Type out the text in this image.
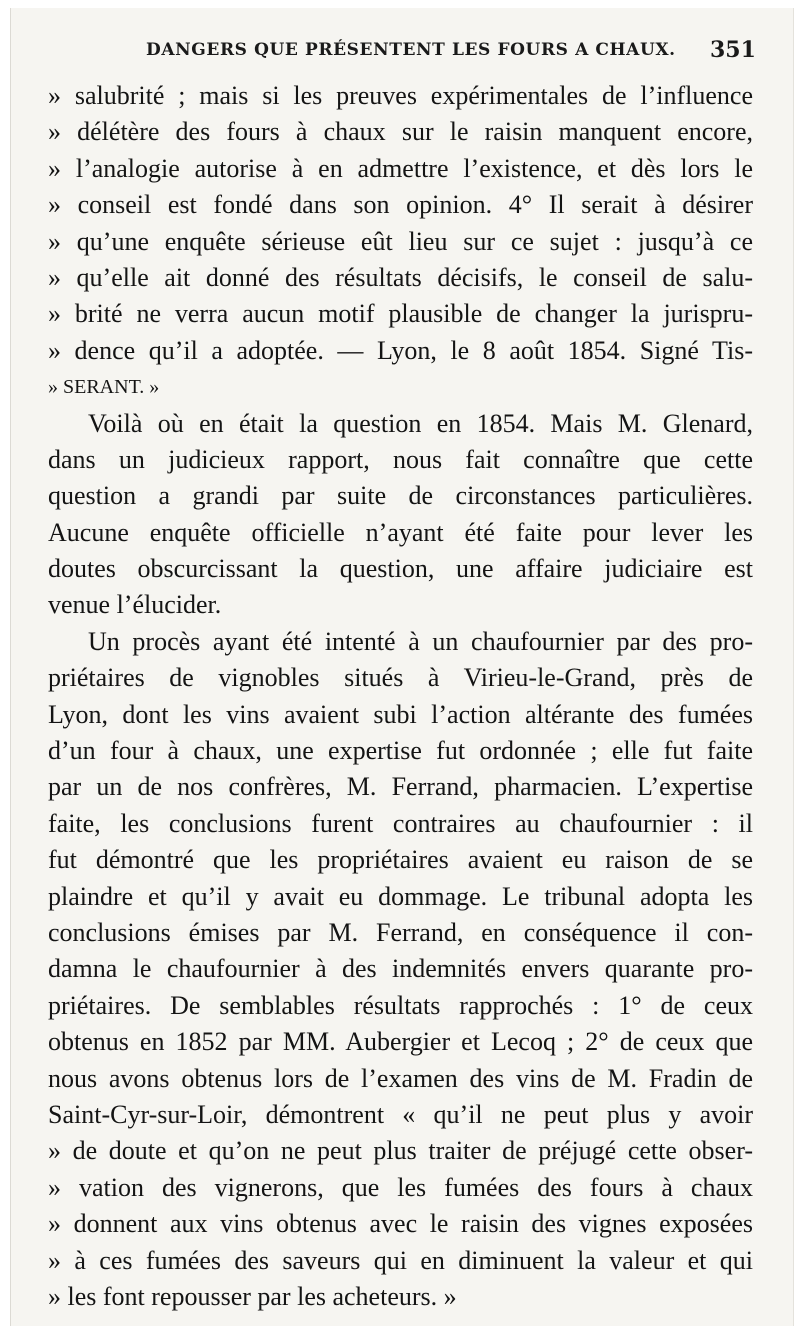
DANGERS QUE PRÉSENTENT LES FOURS A CHAUX. 351
» salubrité ; mais si les preuves expérimentales de l’influence
» délétère des fours à chaux sur le raisin manquent encore,
» l’analogie autorise à en admettre l’existence, et dès lors le
» conseil est fondé dans son opinion. 4° Il serait à désirer
» qu’une enquête sérieuse eût lieu sur ce sujet : jusqu’à ce
» qu’elle ait donné des résultats décisifs, le conseil de salu-
» brité ne verra aucun motif plausible de changer la jurispru-
» dence qu’il a adoptée. — Lyon, le 8 août 1854. Signé Tis-
» SERANT. »
Voilà où en était la question en 1854. Mais M. Glenard,
dans un judicieux rapport, nous fait connaître que cette
question a grandi par suite de circonstances particulières.
Aucune enquête officielle n’ayant été faite pour lever les
doutes obscurcissant la question, une affaire judiciaire est
venue l’élucider.
Un procès ayant été intenté à un chaufournier par des pro-
priétaires de vignobles situés à Virieu-le-Grand, près de
Lyon, dont les vins avaient subi l’action altérante des fumées
d’un four à chaux, une expertise fut ordonnée ; elle fut faite
par un de nos confrères, M. Ferrand, pharmacien. L’expertise
faite, les conclusions furent contraires au chaufournier : il
fut démontré que les propriétaires avaient eu raison de se
plaindre et qu’il y avait eu dommage. Le tribunal adopta les
conclusions émises par M. Ferrand, en conséquence il con-
damna le chaufournier à des indemnités envers quarante pro-
priétaires. De semblables résultats rapprochés : 1° de ceux
obtenus en 1852 par MM. Aubergier et Lecoq ; 2° de ceux que
nous avons obtenus lors de l’examen des vins de M. Fradin de
Saint-Cyr-sur-Loir, démontrent « qu’il ne peut plus y avoir
» de doute et qu’on ne peut plus traiter de préjugé cette obser-
» vation des vignerons, que les fumées des fours à chaux
» donnent aux vins obtenus avec le raisin des vignes exposées
» à ces fumées des saveurs qui en diminuent la valeur et qui
» les font repousser par les acheteurs. »
